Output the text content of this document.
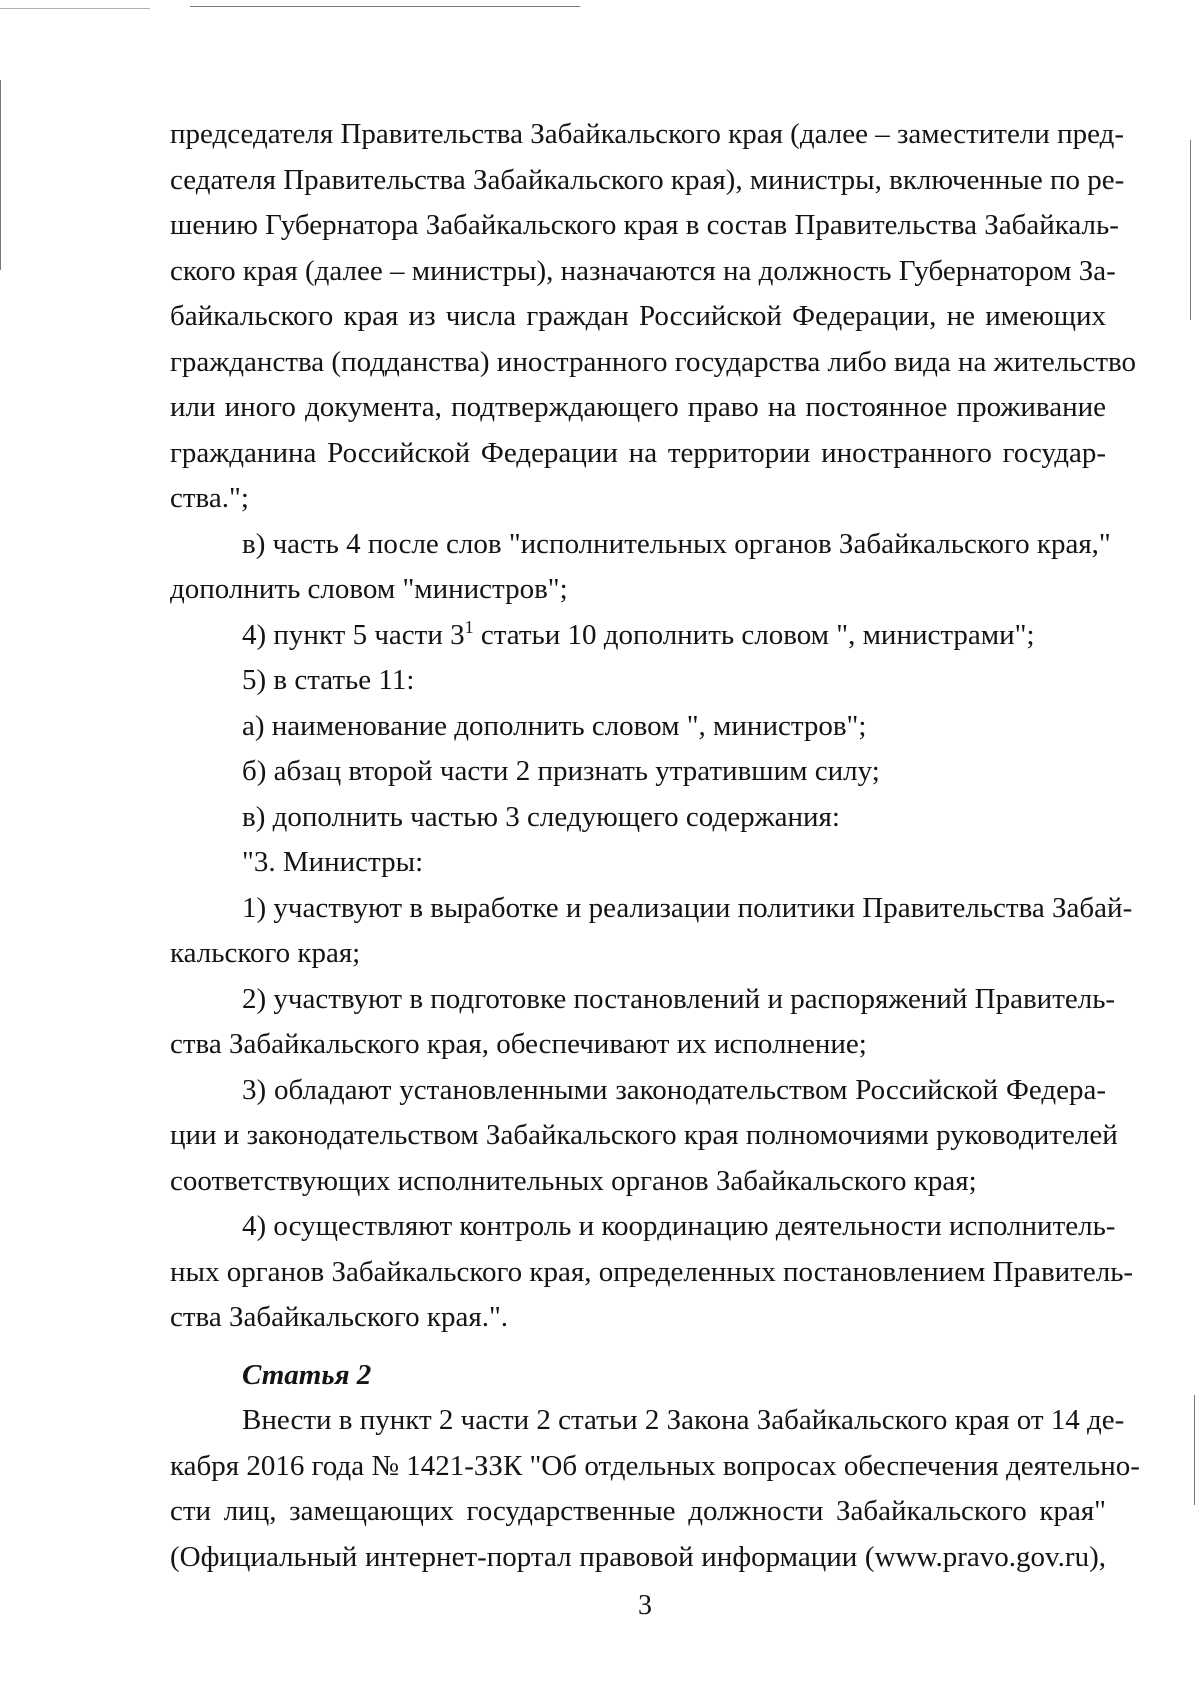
председателя Правительства Забайкальского края (далее – заместители пред-
седателя Правительства Забайкальского края), министры, включенные по ре-
шению Губернатора Забайкальского края в состав Правительства Забайкаль-
ского края (далее – министры), назначаются на должность Губернатором За-
байкальского края из числа граждан Российской Федерации, не имеющих
гражданства (подданства) иностранного государства либо вида на жительство
или иного документа, подтверждающего право на постоянное проживание
гражданина Российской Федерации на территории иностранного государ-
ства.";
в) часть 4 после слов "исполнительных органов Забайкальского края,"
дополнить словом "министров";
4) пункт 5 части $3^1$ статьи 10 дополнить словом ", министрами";
5) в статье 11:
а) наименование дополнить словом ", министров";
б) абзац второй части 2 признать утратившим силу;
в) дополнить частью 3 следующего содержания:
"3. Министры:
1) участвуют в выработке и реализации политики Правительства Забай-
кальского края;
2) участвуют в подготовке постановлений и распоряжений Правитель-
ства Забайкальского края, обеспечивают их исполнение;
3) обладают установленными законодательством Российской Федера-
ции и законодательством Забайкальского края полномочиями руководителей
соответствующих исполнительных органов Забайкальского края;
4) осуществляют контроль и координацию деятельности исполнитель-
ных органов Забайкальского края, определенных постановлением Правитель-
ства Забайкальского края.".
Статья 2
Внести в пункт 2 части 2 статьи 2 Закона Забайкальского края от 14 де-
кабря 2016 года № 1421-ЗЗК "Об отдельных вопросах обеспечения деятельно-
сти лиц, замещающих государственные должности Забайкальского края"
(Официальный интернет-портал правовой информации (www.pravo.gov.ru),
3
